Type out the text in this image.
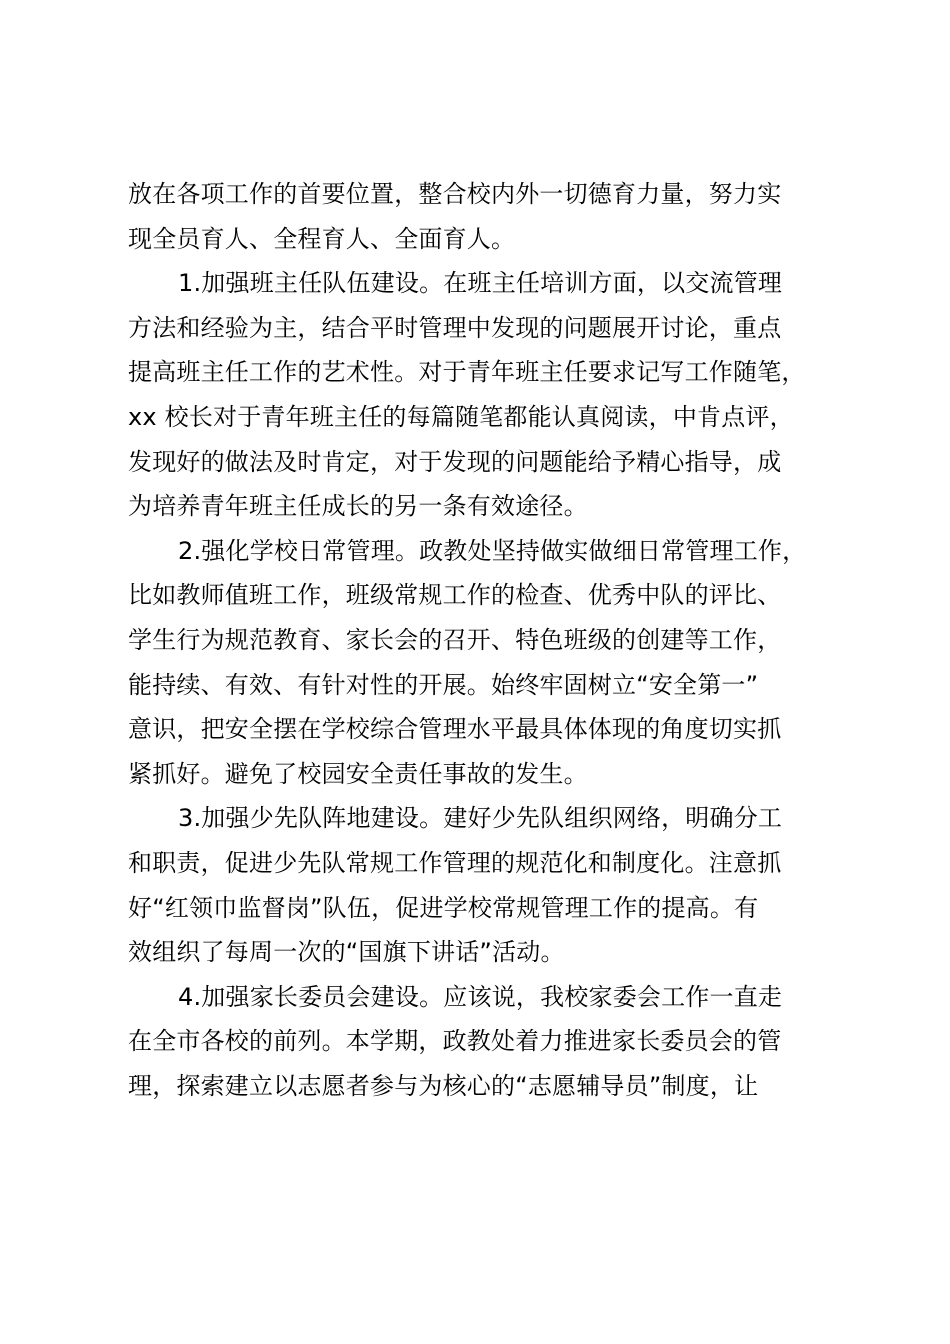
放在各项工作的首要位置，整合校内外一切德育力量，努力实
现全员育人、全程育人、全面育人。
1.加强班主任队伍建设。在班主任培训方面，以交流管理
方法和经验为主，结合平时管理中发现的问题展开讨论，重点
提高班主任工作的艺术性。对于青年班主任要求记写工作随笔，
xx 校长对于青年班主任的每篇随笔都能认真阅读，中肯点评，
发现好的做法及时肯定，对于发现的问题能给予精心指导，成
为培养青年班主任成长的另一条有效途径。
2.强化学校日常管理。政教处坚持做实做细日常管理工作，
比如教师值班工作，班级常规工作的检查、优秀中队的评比、
学生行为规范教育、家长会的召开、特色班级的创建等工作，
能持续、有效、有针对性的开展。始终牢固树立“安全第一”
意识，把安全摆在学校综合管理水平最具体体现的角度切实抓
紧抓好。避免了校园安全责任事故的发生。
3.加强少先队阵地建设。建好少先队组织网络，明确分工
和职责，促进少先队常规工作管理的规范化和制度化。注意抓
好“红领巾监督岗”队伍，促进学校常规管理工作的提高。有
效组织了每周一次的“国旗下讲话”活动。
4.加强家长委员会建设。应该说，我校家委会工作一直走
在全市各校的前列。本学期，政教处着力推进家长委员会的管
理，探索建立以志愿者参与为核心的“志愿辅导员”制度，让
